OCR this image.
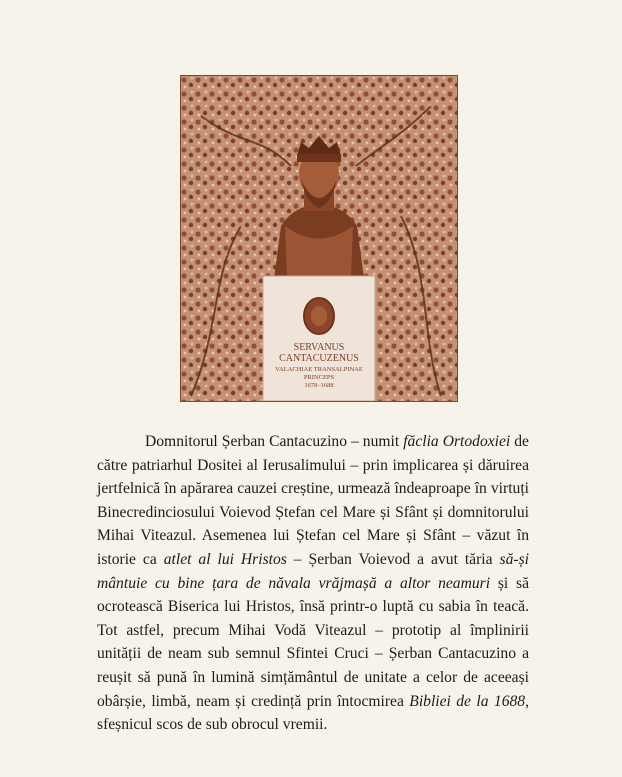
SERVANUS
CANTACUZENUS
VALACHIAE TRANSALPINAE
PRINCEPS
1678–1688

Domnitorul Șerban Cantacuzino – numit făclia Ortodoxiei de către patriarhul Dositei al Ierusalimului – prin implicarea și dăruirea jertfelnică în apărarea cauzei creștine, urmează îndeaproape în virtuți Binecredinciosului Voievod Ștefan cel Mare și Sfânt și domnitorului Mihai Viteazul. Asemenea lui Ștefan cel Mare și Sfânt – văzut în istorie ca atlet al lui Hristos – Șerban Voievod a avut tăria să-și mântuie cu bine țara de năvala vrăjmașă a altor neamuri și să ocrotească Biserica lui Hristos, însă printr-o luptă cu sabia în teacă. Tot astfel, precum Mihai Vodă Viteazul – prototip al împlinirii unității de neam sub semnul Sfintei Cruci – Șerban Cantacuzino a reușit să pună în lumină simțământul de unitate a celor de aceeași obârșie, limbă, neam și credință prin întocmirea Bibliei de la 1688, sfeșnicul scos de sub obrocul vremii.
